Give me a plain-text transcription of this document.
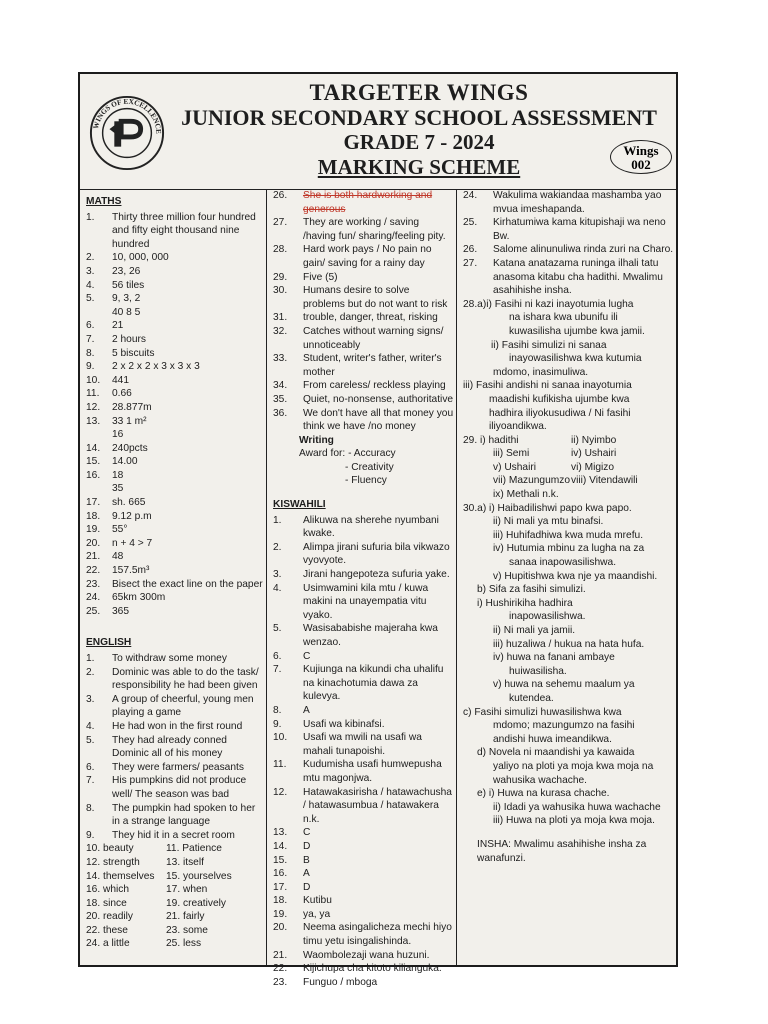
WINGS OF EXCELLENCE
TARGETER WINGS
JUNIOR SECONDARY SCHOOL ASSESSMENT
GRADE 7 - 2024
MARKING SCHEME
Wings
002
MATHS
1.	Thirty three million four hundred and fifty eight thousand nine hundred
2.	10, 000, 000
3.	23, 26
4.	56 tiles
5.	9, 3, 2
40 8 5
6.	21
7.	2 hours
8.	5 biscuits
9.	2 x 2 x 2 x 3 x 3 x 3
10.	441
11.	0.66
12.	28.877m
13.	33 1 m²
16
14.	240pcts
15.	14.00
16.	18
35
17.	sh. 665
18.	9.12 p.m
19.	55°
20.	n + 4 > 7
21.	48
22.	157.5m³
23.	Bisect the exact line on the paper
24.	65km 300m
25.	365
ENGLISH
1.	To withdraw some money
2.	Dominic was able to do the task/ responsibility he had been given
3.	A group of cheerful, young men playing a game
4.	He had won in the first round
5.	They had already conned Dominic all of his money
6.	They were farmers/ peasants
7.	His pumpkins did not produce well/ The season was bad
8.	The pumpkin had spoken to her in a strange language
9.	They hid it in a secret room
10. beauty	11. Patience
12. strength	13. itself
14. themselves	15. yourselves
16. which	17. when
18. since	19. creatively
20. readily	21. fairly
22. these	23. some
24. a little	25. less
26.	She is both hardworking and generous
27.	They are working / saving /having fun/ sharing/feeling pity.
28.	Hard work pays / No pain no gain/ saving for a rainy day
29.	Five (5)
30.	Humans desire to solve problems but do not want to risk
31.	trouble, danger, threat, risking
32.	Catches without warning signs/ unnoticeably
33.	Student, writer's father, writer's mother
34.	From careless/ reckless playing
35.	Quiet, no-nonsense, authoritative
36.	We don't have all that money you think we have /no money
Writing
Award for: - Accuracy
- Creativity
- Fluency
KISWAHILI
1.	Alikuwa na sherehe nyumbani kwake.
2.	Alimpa jirani sufuria bila vikwazo vyovyote.
3.	Jirani hangepoteza sufuria yake.
4.	Usimwamini kila mtu / kuwa makini na unayempatia vitu vyako.
5.	Wasisababishe majeraha kwa wenzao.
6.	C
7.	Kujiunga na kikundi cha uhalifu na kinachotumia dawa za kulevya.
8.	A
9.	Usafi wa kibinafsi.
10.	Usafi wa mwili na usafi wa mahali tunapoishi.
11.	Kudumisha usafi humwepusha mtu magonjwa.
12.	Hatawakasirisha / hatawachusha / hatawasumbua / hatawakera n.k.
13.	C
14.	D
15.	B
16.	A
17.	D
18.	Kutibu
19.	ya, ya
20.	Neema asingalicheza mechi hiyo timu yetu isingalishinda.
21.	Waombolezaji wana huzuni.
22.	Kijichupa cha kitoto kilianguka.
23.	Funguo / mboga
24.	Wakulima wakiandaa mashamba yao mvua imeshapanda.
25.	Kirhatumiwa kama kitupishaji wa neno Bw.
26.	Salome alinunuliwa rinda zuri na Charo.
27.	Katana anatazama runinga ilhali tatu anasoma kitabu cha hadithi. Mwalimu asahihishe insha.
28.a)i) Fasihi ni kazi inayotumia lugha
na ishara kwa ubunifu ili
kuwasilisha ujumbe kwa jamii.
ii) Fasihi simulizi ni sanaa
inayowasilishwa kwa kutumia
mdomo, inasimuliwa.
iii) Fasihi andishi ni sanaa inayotumia
maadishi kufikisha ujumbe kwa
hadhira iliyokusudiwa / Ni fasihi
iliyoandikwa.
29. i) hadithi	ii) Nyimbo
iii) Semi	iv) Ushairi
v) Ushairi	vi) Migizo
vii) Mazungumzo viii) Vitendawili
ix) Methali n.k.
30.a) i) Haibadilishwi papo kwa papo.
ii) Ni mali ya mtu binafsi.
iii) Huhifadhiwa kwa muda mrefu.
iv) Hutumia mbinu za lugha na za
sanaa inapowasilishwa.
v) Hupitishwa kwa nje ya maandishi.
b) Sifa za fasihi simulizi.
i) Hushirikiha hadhira
inapowasilishwa.
ii) Ni mali ya jamii.
iii) huzaliwa / hukua na hata hufa.
iv) huwa na fanani ambaye
huiwasilisha.
v) huwa na sehemu maalum ya
kutendea.
c) Fasihi simulizi huwasilishwa kwa
mdomo; mazungumzo na fasihi
andishi huwa imeandikwa.
d) Novela ni maandishi ya kawaida
yaliyo na ploti ya moja kwa moja na
wahusika wachache.
e) i) Huwa na kurasa chache.
ii) Idadi ya wahusika huwa wachache
iii) Huwa na ploti ya moja kwa moja.
INSHA: Mwalimu asahihishe insha za wanafunzi.
